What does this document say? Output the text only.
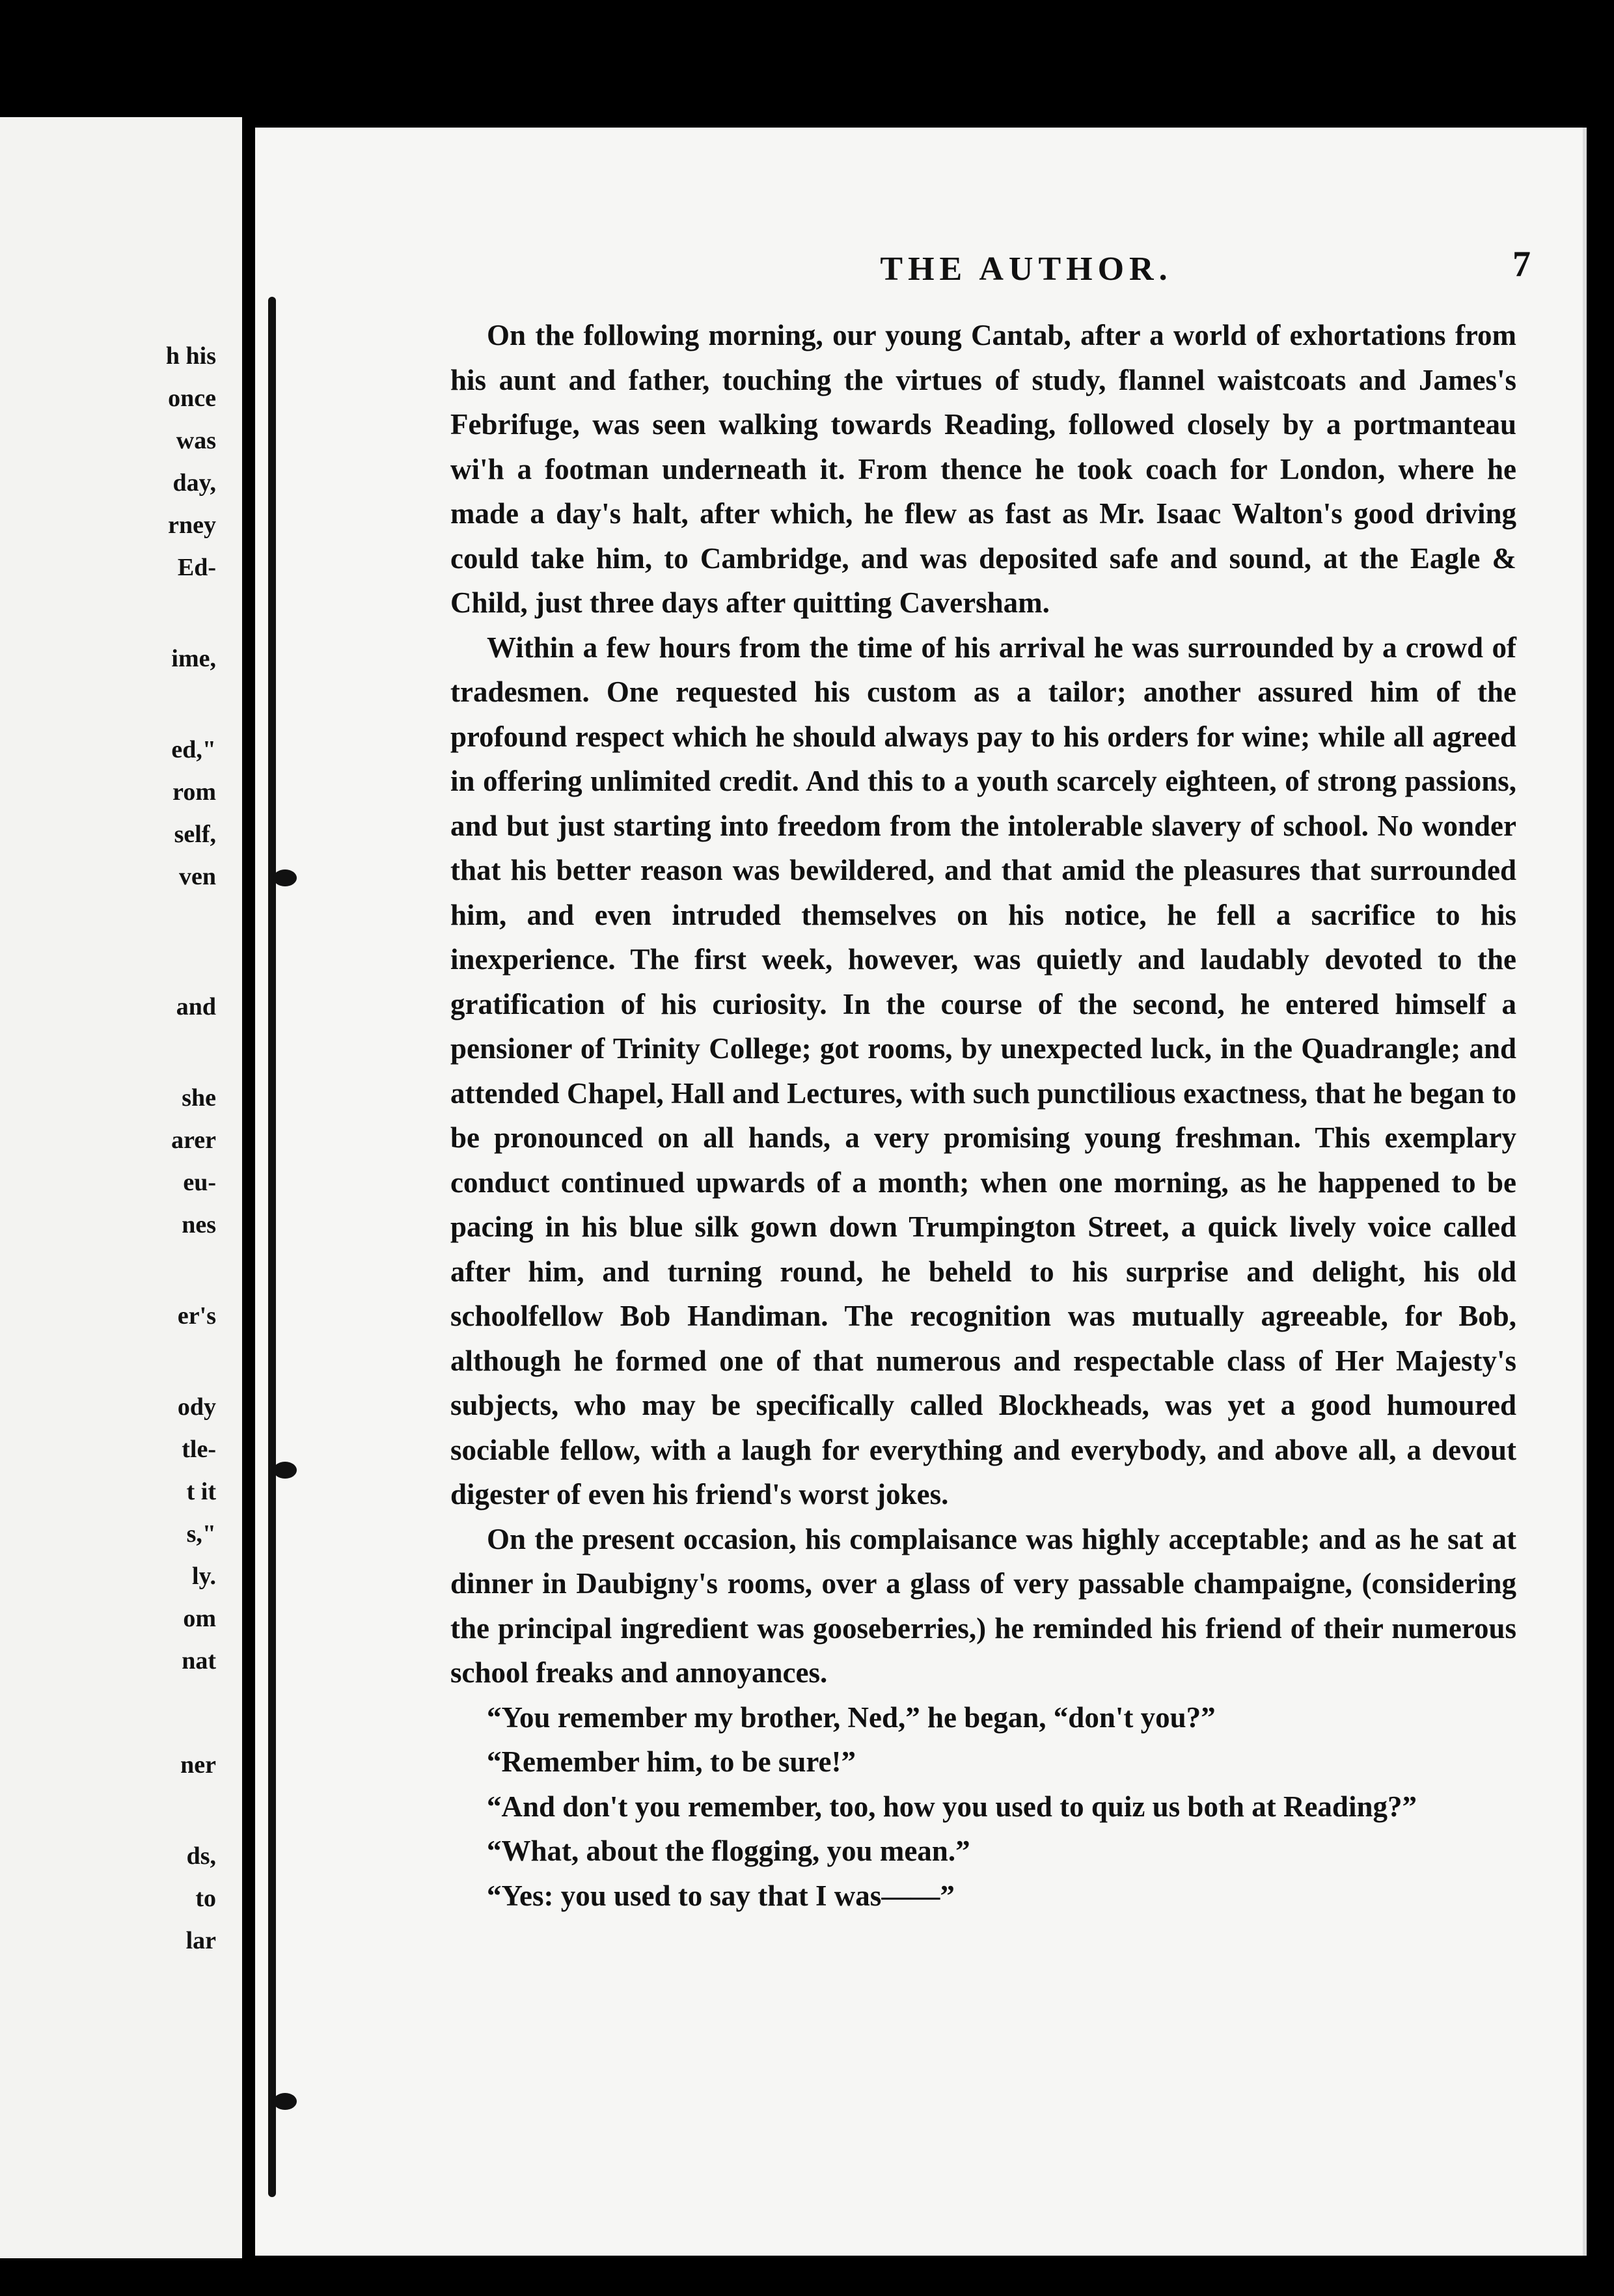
h his
once
was
day,
rney
Ed-
ime,
ed,"
rom
self,
ven
and
she
arer
eu-
nes
er's
ody
tle-
t it
s,"
ly.
om
nat
ner
ds,
to
lar
THE AUTHOR.	7

On the following morning, our young Cantab, after a world of exhortations from his aunt and father, touching the virtues of study, flannel waistcoats and James's Febrifuge, was seen walking towards Reading, followed closely by a portmanteau wi'h a footman underneath it. From thence he took coach for London, where he made a day's halt, after which, he flew as fast as Mr. Isaac Walton's good driving could take him, to Cambridge, and was deposited safe and sound, at the Eagle & Child, just three days after quitting Caversham.

Within a few hours from the time of his arrival he was surrounded by a crowd of tradesmen. One requested his custom as a tailor; another assured him of the profound respect which he should always pay to his orders for wine; while all agreed in offering unlimited credit. And this to a youth scarcely eighteen, of strong passions, and but just starting into freedom from the intolerable slavery of school. No wonder that his better reason was bewildered, and that amid the pleasures that surrounded him, and even intruded themselves on his notice, he fell a sacrifice to his inexperience. The first week, however, was quietly and laudably devoted to the gratification of his curiosity. In the course of the second, he entered himself a pensioner of Trinity College; got rooms, by unexpected luck, in the Quadrangle; and attended Chapel, Hall and Lectures, with such punctilious exactness, that he began to be pronounced on all hands, a very promising young freshman. This exemplary conduct continued upwards of a month; when one morning, as he happened to be pacing in his blue silk gown down Trumpington Street, a quick lively voice called after him, and turning round, he beheld to his surprise and delight, his old schoolfellow Bob Handiman. The recognition was mutually agreeable, for Bob, although he formed one of that numerous and respectable class of Her Majesty's subjects, who may be specifically called Blockheads, was yet a good humoured sociable fellow, with a laugh for everything and everybody, and above all, a devout digester of even his friend's worst jokes.

On the present occasion, his complaisance was highly acceptable; and as he sat at dinner in Daubigny's rooms, over a glass of very passable champaigne, (considering the principal ingredient was gooseberries,) he reminded his friend of their numerous school freaks and annoyances.

“You remember my brother, Ned,” he began, “don't you?”

“Remember him, to be sure!”

“And don't you remember, too, how you used to quiz us both at Reading?”

“What, about the flogging, you mean.”

“Yes: you used to say that I was——”
